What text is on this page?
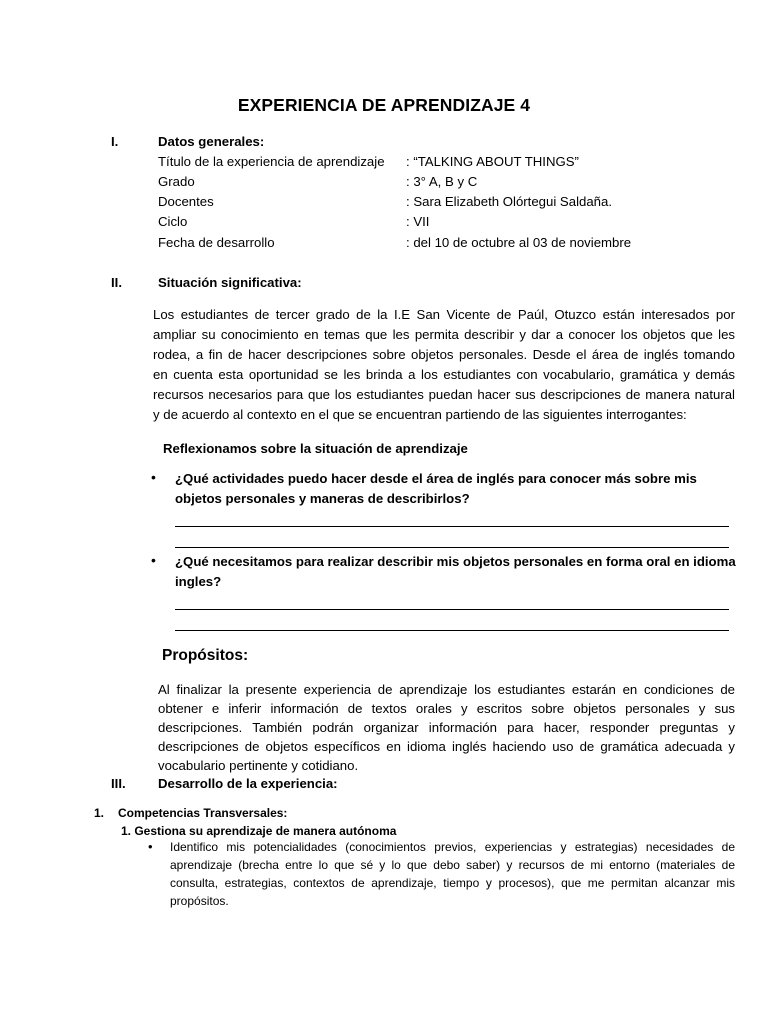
EXPERIENCIA DE APRENDIZAJE 4
I.	Datos generales:
Título de la experiencia de aprendizaje : “TALKING ABOUT THINGS”
Grado	: 3° A, B y C
Docentes	: Sara Elizabeth Olórtegui Saldaña.
Ciclo	: VII
Fecha de desarrollo	: del 10 de octubre al 03 de noviembre
II.	Situación significativa:
Los estudiantes de tercer grado de la I.E San Vicente de Paúl, Otuzco están interesados por
ampliar su conocimiento en temas que les permita describir y dar a conocer los objetos que les
rodea, a fin de hacer descripciones sobre objetos personales. Desde el área de inglés tomando
en cuenta esta oportunidad se les brinda a los estudiantes con vocabulario, gramática y demás
recursos necesarios para que los estudiantes puedan hacer sus descripciones de manera natural
y de acuerdo al contexto en el que se encuentran partiendo de las siguientes interrogantes:
Reflexionamos sobre la situación de aprendizaje
• ¿Qué actividades puedo hacer desde el área de inglés para conocer más sobre mis
objetos personales y maneras de describirlos?
• ¿Qué necesitamos para realizar describir mis objetos personales en forma oral en idioma
ingles?
Propósitos:
Al finalizar la presente experiencia de aprendizaje los estudiantes estarán en condiciones de
obtener e inferir información de textos orales y escritos sobre objetos personales y sus
descripciones. También podrán organizar información para hacer, responder preguntas y
descripciones de objetos específicos en idioma inglés haciendo uso de gramática adecuada y
vocabulario pertinente y cotidiano.
III. Desarrollo de la experiencia:
1. Competencias Transversales:
1. Gestiona su aprendizaje de manera autónoma
• Identifico mis potencialidades (conocimientos previos, experiencias y estrategias) necesidades de
aprendizaje (brecha entre lo que sé y lo que debo saber) y recursos de mi entorno (materiales de
consulta, estrategias, contextos de aprendizaje, tiempo y procesos), que me permitan alcanzar mis
propósitos.
